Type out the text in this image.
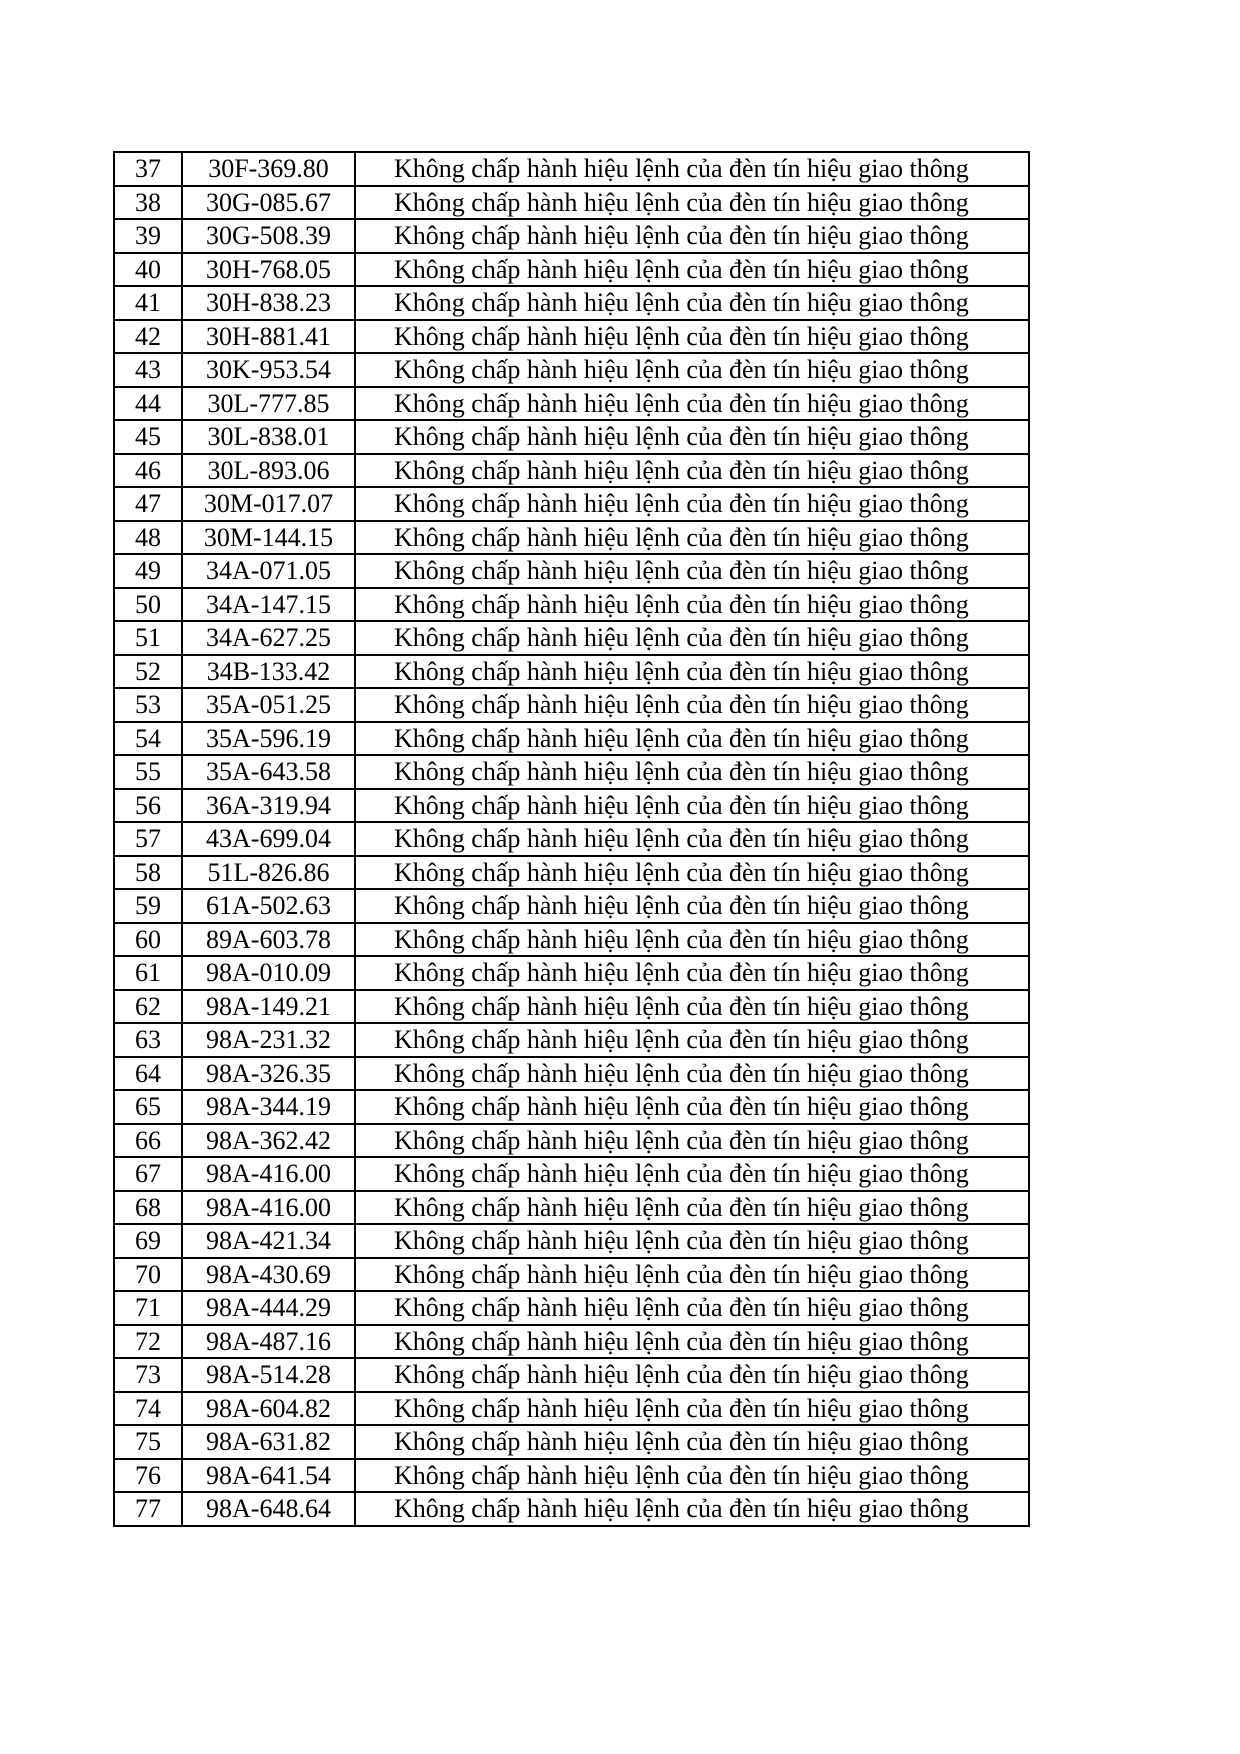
37	30F-369.80	Không chấp hành hiệu lệnh của đèn tín hiệu giao thông
38	30G-085.67	Không chấp hành hiệu lệnh của đèn tín hiệu giao thông
39	30G-508.39	Không chấp hành hiệu lệnh của đèn tín hiệu giao thông
40	30H-768.05	Không chấp hành hiệu lệnh của đèn tín hiệu giao thông
41	30H-838.23	Không chấp hành hiệu lệnh của đèn tín hiệu giao thông
42	30H-881.41	Không chấp hành hiệu lệnh của đèn tín hiệu giao thông
43	30K-953.54	Không chấp hành hiệu lệnh của đèn tín hiệu giao thông
44	30L-777.85	Không chấp hành hiệu lệnh của đèn tín hiệu giao thông
45	30L-838.01	Không chấp hành hiệu lệnh của đèn tín hiệu giao thông
46	30L-893.06	Không chấp hành hiệu lệnh của đèn tín hiệu giao thông
47	30M-017.07	Không chấp hành hiệu lệnh của đèn tín hiệu giao thông
48	30M-144.15	Không chấp hành hiệu lệnh của đèn tín hiệu giao thông
49	34A-071.05	Không chấp hành hiệu lệnh của đèn tín hiệu giao thông
50	34A-147.15	Không chấp hành hiệu lệnh của đèn tín hiệu giao thông
51	34A-627.25	Không chấp hành hiệu lệnh của đèn tín hiệu giao thông
52	34B-133.42	Không chấp hành hiệu lệnh của đèn tín hiệu giao thông
53	35A-051.25	Không chấp hành hiệu lệnh của đèn tín hiệu giao thông
54	35A-596.19	Không chấp hành hiệu lệnh của đèn tín hiệu giao thông
55	35A-643.58	Không chấp hành hiệu lệnh của đèn tín hiệu giao thông
56	36A-319.94	Không chấp hành hiệu lệnh của đèn tín hiệu giao thông
57	43A-699.04	Không chấp hành hiệu lệnh của đèn tín hiệu giao thông
58	51L-826.86	Không chấp hành hiệu lệnh của đèn tín hiệu giao thông
59	61A-502.63	Không chấp hành hiệu lệnh của đèn tín hiệu giao thông
60	89A-603.78	Không chấp hành hiệu lệnh của đèn tín hiệu giao thông
61	98A-010.09	Không chấp hành hiệu lệnh của đèn tín hiệu giao thông
62	98A-149.21	Không chấp hành hiệu lệnh của đèn tín hiệu giao thông
63	98A-231.32	Không chấp hành hiệu lệnh của đèn tín hiệu giao thông
64	98A-326.35	Không chấp hành hiệu lệnh của đèn tín hiệu giao thông
65	98A-344.19	Không chấp hành hiệu lệnh của đèn tín hiệu giao thông
66	98A-362.42	Không chấp hành hiệu lệnh của đèn tín hiệu giao thông
67	98A-416.00	Không chấp hành hiệu lệnh của đèn tín hiệu giao thông
68	98A-416.00	Không chấp hành hiệu lệnh của đèn tín hiệu giao thông
69	98A-421.34	Không chấp hành hiệu lệnh của đèn tín hiệu giao thông
70	98A-430.69	Không chấp hành hiệu lệnh của đèn tín hiệu giao thông
71	98A-444.29	Không chấp hành hiệu lệnh của đèn tín hiệu giao thông
72	98A-487.16	Không chấp hành hiệu lệnh của đèn tín hiệu giao thông
73	98A-514.28	Không chấp hành hiệu lệnh của đèn tín hiệu giao thông
74	98A-604.82	Không chấp hành hiệu lệnh của đèn tín hiệu giao thông
75	98A-631.82	Không chấp hành hiệu lệnh của đèn tín hiệu giao thông
76	98A-641.54	Không chấp hành hiệu lệnh của đèn tín hiệu giao thông
77	98A-648.64	Không chấp hành hiệu lệnh của đèn tín hiệu giao thông
